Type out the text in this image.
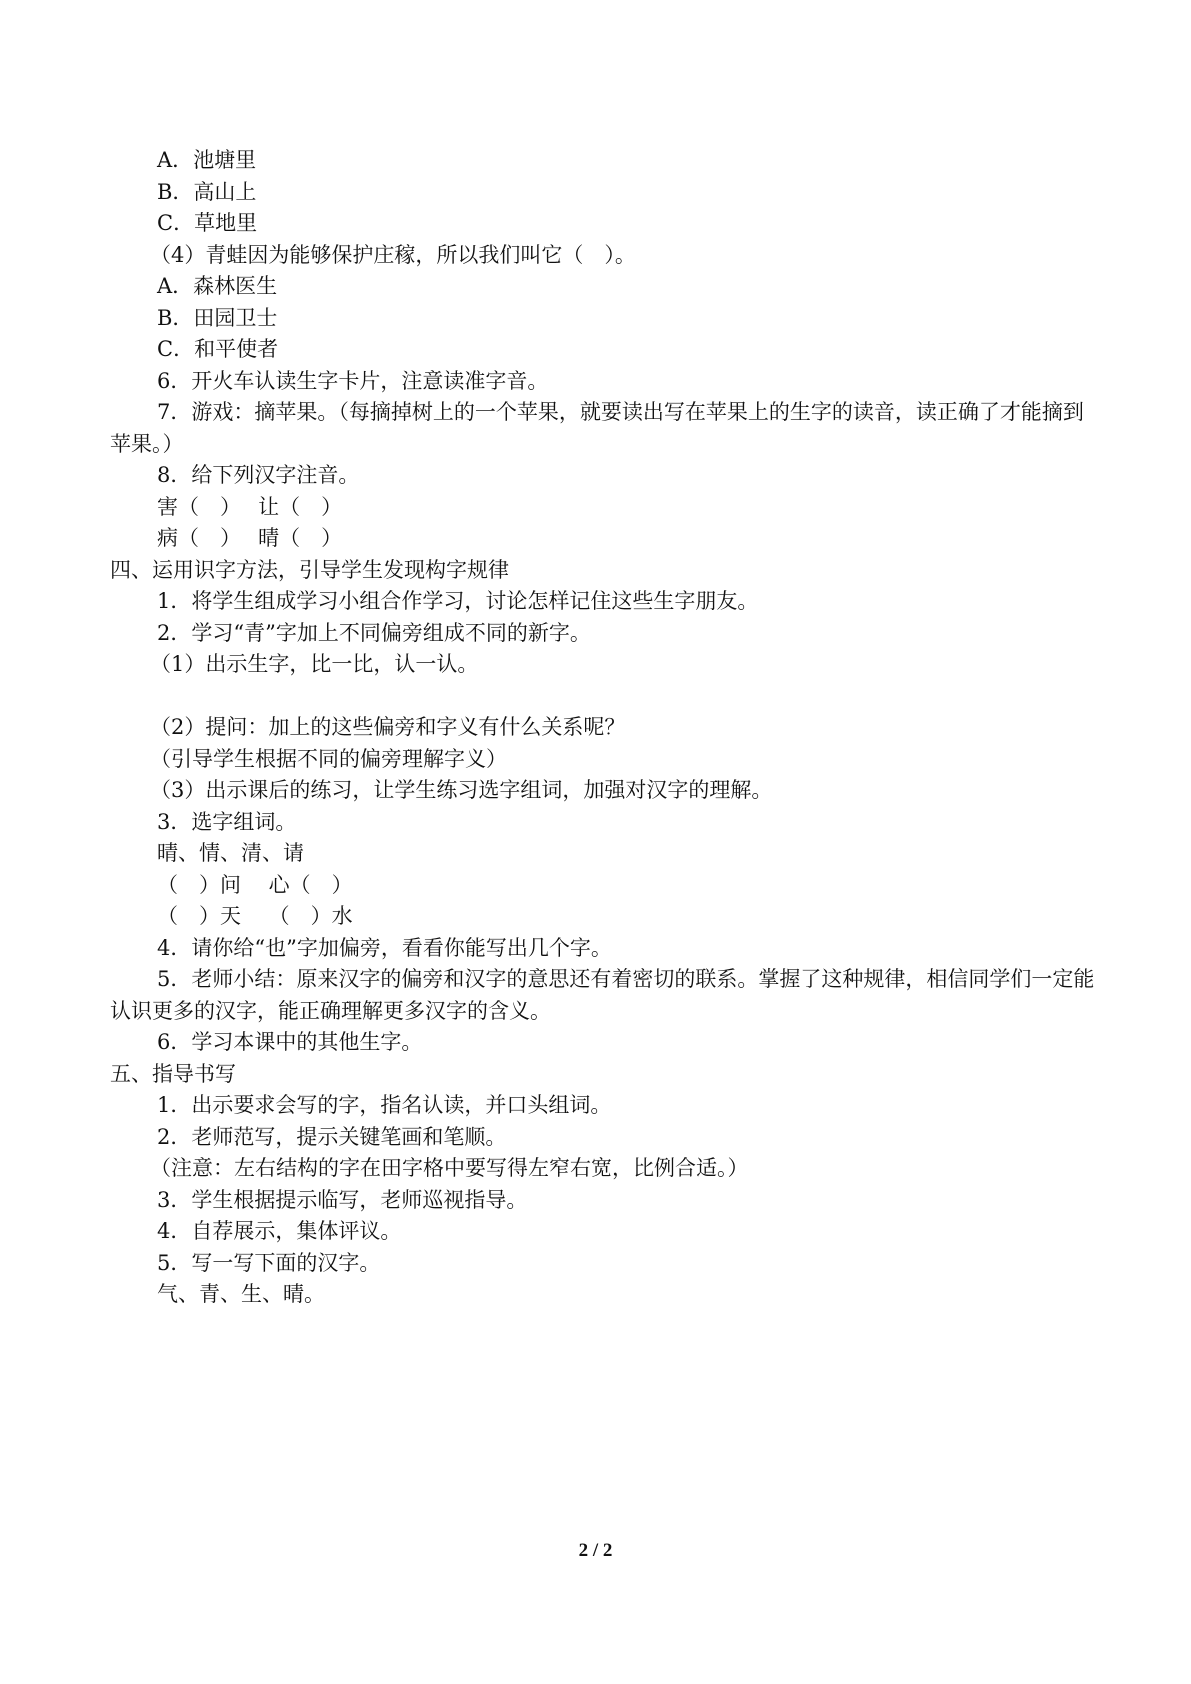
A．池塘里
B．高山上
C．草地里
（4）青蛙因为能够保护庄稼，所以我们叫它（　）。
A．森林医生
B．田园卫士
C．和平使者
6．开火车认读生字卡片，注意读准字音。
7．游戏：摘苹果。（每摘掉树上的一个苹果，就要读出写在苹果上的生字的读音，读正确了才能摘到苹果。）
8．给下列汉字注音。
害（　）　 让（　）
病（　）　 晴（　）
四、运用识字方法，引导学生发现构字规律
1．将学生组成学习小组合作学习，讨论怎样记住这些生字朋友。
2．学习“青”字加上不同偏旁组成不同的新字。
（1）出示生字，比一比，认一认。
（2）提问：加上的这些偏旁和字义有什么关系呢？
（引导学生根据不同的偏旁理解字义）
（3）出示课后的练习，让学生练习选字组词，加强对汉字的理解。
3．选字组词。
晴、情、清、请
（　）问　 心（　）
（　）天　 （　）水
4．请你给“也”字加偏旁，看看你能写出几个字。
5．老师小结：原来汉字的偏旁和汉字的意思还有着密切的联系。掌握了这种规律，相信同学们一定能认识更多的汉字，能正确理解更多汉字的含义。
6．学习本课中的其他生字。
五、指导书写
1．出示要求会写的字，指名认读，并口头组词。
2．老师范写，提示关键笔画和笔顺。
（注意：左右结构的字在田字格中要写得左窄右宽，比例合适。）
3．学生根据提示临写，老师巡视指导。
4．自荐展示，集体评议。
5．写一写下面的汉字。
气、青、生、晴。
2 / 2
